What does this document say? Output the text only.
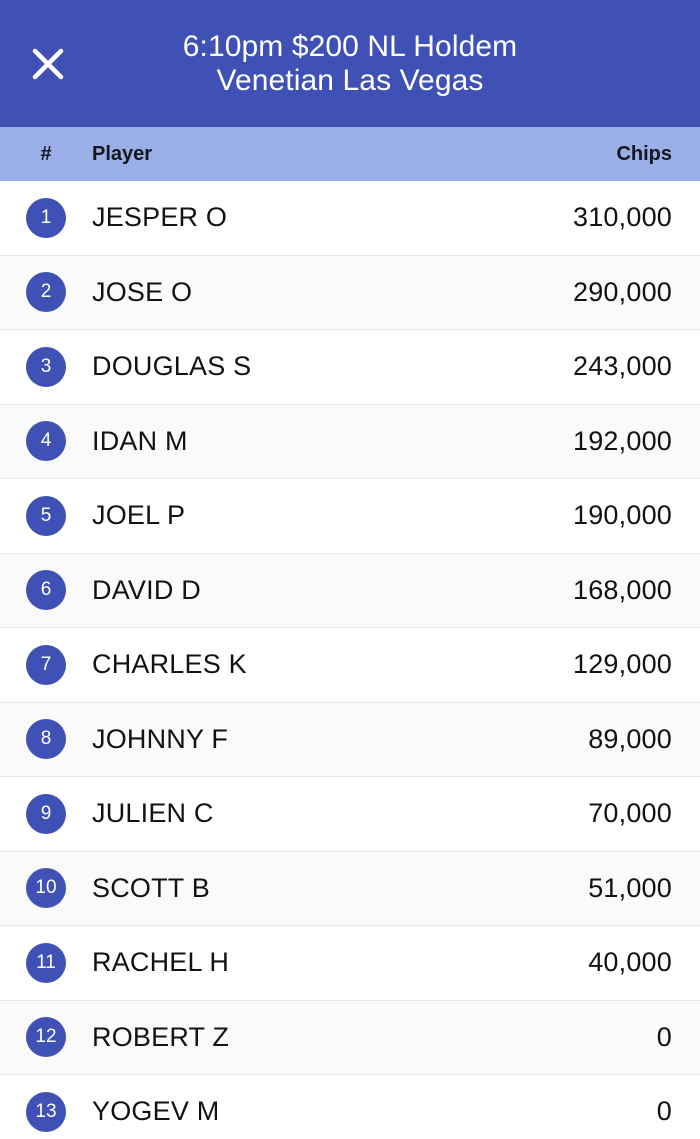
6:10pm $200 NL Holdem
Venetian Las Vegas
#	Player	Chips
1	JESPER O	310,000
2	JOSE O	290,000
3	DOUGLAS S	243,000
4	IDAN M	192,000
5	JOEL P	190,000
6	DAVID D	168,000
7	CHARLES K	129,000
8	JOHNNY F	89,000
9	JULIEN C	70,000
10	SCOTT B	51,000
11	RACHEL H	40,000
12	ROBERT Z	0
13	YOGEV M	0
